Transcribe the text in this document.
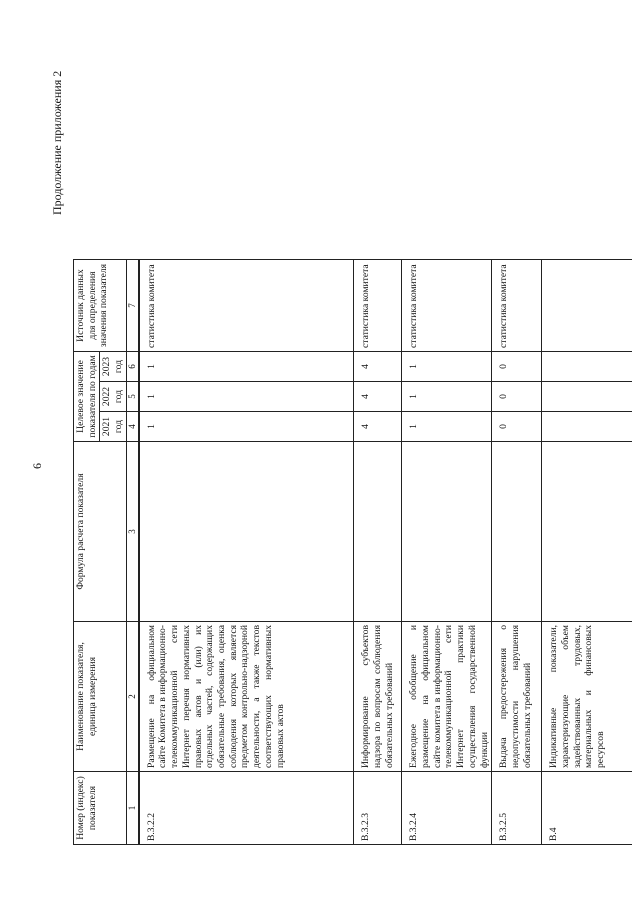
6
Продолжение приложения 2
Номер (индекс) показателя	Наименование показателя, единица измерения	Формула расчета показателя	Целевое значение показателя по годам			Источник данных для определения значения показателя
			2021 год	2022 год	2023 год	
1	2	3	4	5	6	7
В.3.2.2	Размещение на официальном сайте Комитета в информационно-телекоммуникационной сети Интернет перечня нормативных правовых актов и (или) их отдельных частей, содержащих обязательные требования, оценка соблюдения которых является предметом контрольно-надзорной деятельности, а также текстов соответствующих нормативных правовых актов		1	1	1	статистика комитета
В.3.2.3	Информирование субъектов надзора по вопросам соблюдения обязательных требований		4	4	4	статистика комитета
В.3.2.4	Ежегодное обобщение и размещение на официальном сайте комитета в информационно-телекоммуникационной сети Интернет практики осуществления государственной функции		1	1	1	статистика комитета
В.3.2.5	Выдача предостережения о недопустимости нарушения обязательных требований		0	0	0	статистика комитета
В.4	Индикативные показатели, характеризующие объем задействованных трудовых, материальных и финансовых ресурсов					
